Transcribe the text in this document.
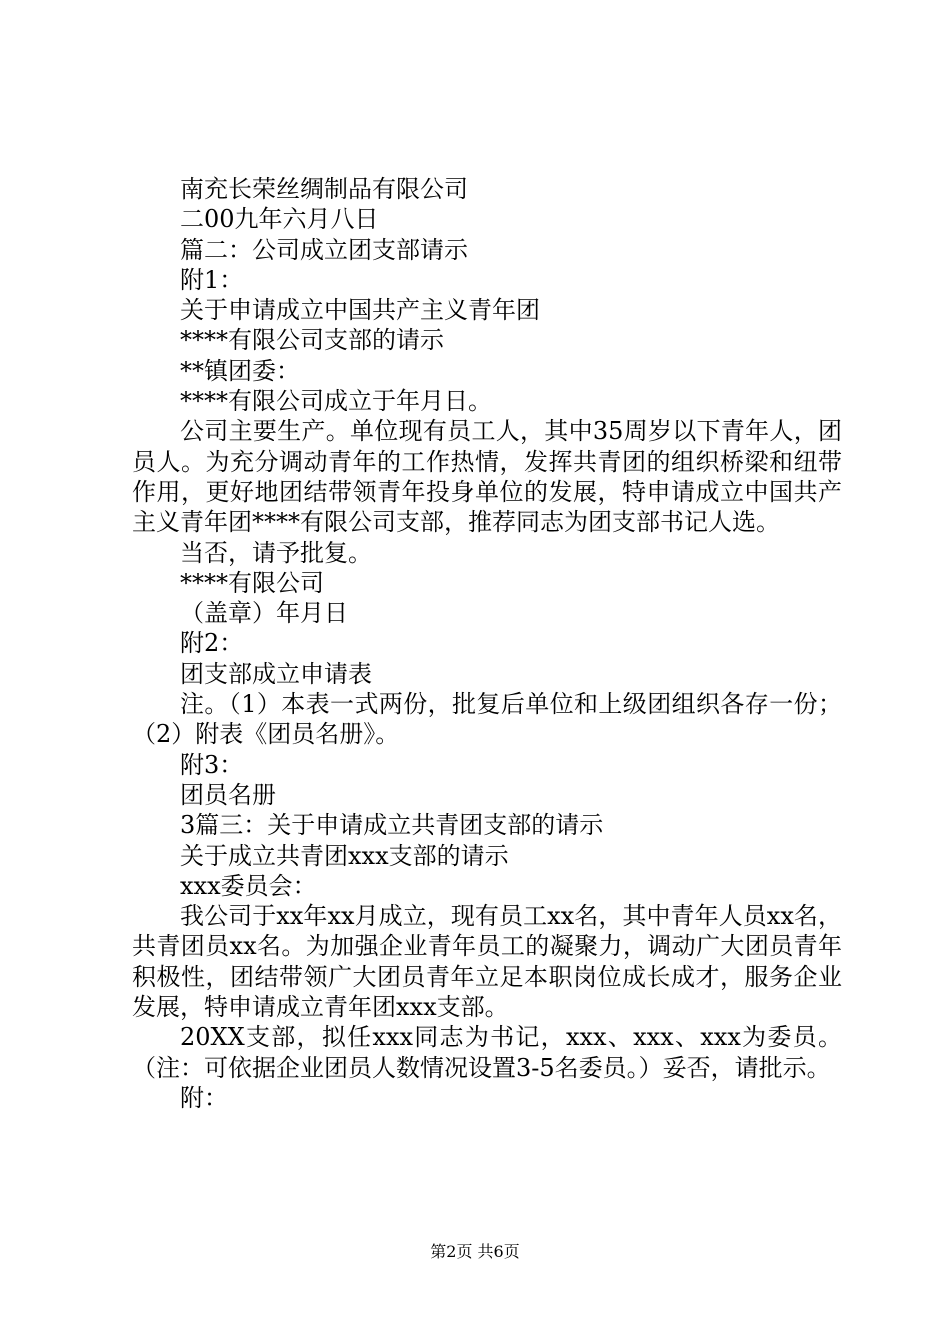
南充长荣丝绸制品有限公司

二00九年六月八日

篇二：公司成立团支部请示

附1：

关于申请成立中国共产主义青年团

****有限公司支部的请示

**镇团委：

****有限公司成立于年月日。

公司主要生产。单位现有员工人，其中35周岁以下青年人，团员人。为充分调动青年的工作热情，发挥共青团的组织桥梁和纽带作用，更好地团结带领青年投身单位的发展，特申请成立中国共产主义青年团****有限公司支部，推荐同志为团支部书记人选。

当否，请予批复。

****有限公司

（盖章）年月日

附2：

团支部成立申请表

注。（1）本表一式两份，批复后单位和上级团组织各存一份；（2）附表《团员名册》。

附3：

团员名册

3篇三：关于申请成立共青团支部的请示

关于成立共青团xxx支部的请示

xxx委员会：

我公司于xx年xx月成立，现有员工xx名，其中青年人员xx名，共青团员xx名。为加强企业青年员工的凝聚力，调动广大团员青年积极性，团结带领广大团员青年立足本职岗位成长成才，服务企业发展，特申请成立青年团xxx支部。

20XX支部，拟任xxx同志为书记，xxx、xxx、xxx为委员。（注：可依据企业团员人数情况设置3-5名委员。）妥否，请批示。

附：

第2页 共6页
